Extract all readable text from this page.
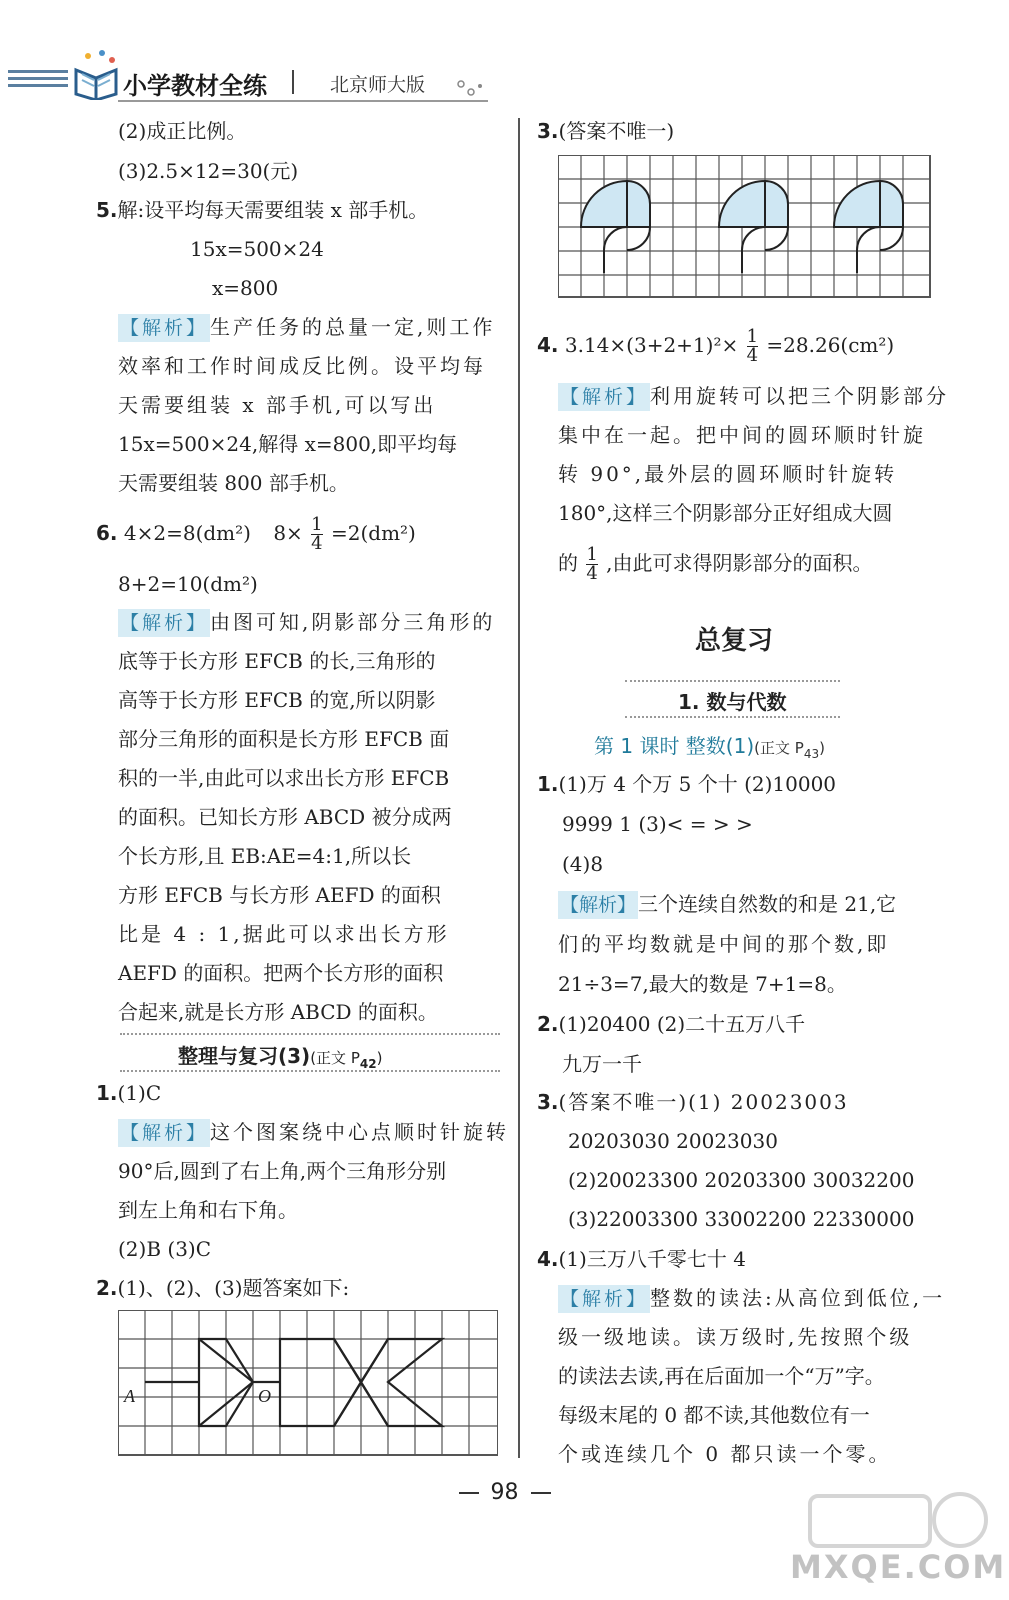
小学教材全练	北京师大版
(2)成正比例。
(3)2.5×12=30(元)
5.解:设平均每天需要组装 x 部手机。
15x=500×24
x=800
【解析】 生产任务的总量一定,则工作
效率和工作时间成反比例。设平均每
天需要组装 x 部手机,可以写出
15x=500×24,解得 x=800,即平均每
天需要组装 800 部手机。
6. 4×2=8(dm²) $8\times \frac{1}{4} =2(dm^2)$
8+2=10(dm²)
【解析】 由图可知,阴影部分三角形的
底等于长方形 EFCB 的长,三角形的
高等于长方形 EFCB 的宽,所以阴影
部分三角形的面积是长方形 EFCB 面
积的一半,由此可以求出长方形 EFCB
的面积。已知长方形 ABCD 被分成两
个长方形,且 EB:AE=4:1,所以长
方形 EFCB 与长方形 AEFD 的面积
比是 4 : 1,据此可以求出长方形
AEFD 的面积。把两个长方形的面积
合起来,就是长方形 ABCD 的面积。
整理与复习(3)(正文 $P_{42}$)
1.(1)C
【解析】 这个图案绕中心点顺时针旋转
90°后,圆到了右上角,两个三角形分别
到左上角和右下角。
(2)B (3)C
2.(1)、(2)、(3)题答案如下:
A	O
3.(答案不唯一)
4. $3.14\times(3+2+1)^2\times \frac{1}{4} =28.26(cm^2)$
【解析】 利用旋转可以把三个阴影部分
集中在一起。把中间的圆环顺时针旋
转 90°,最外层的圆环顺时针旋转
180°,这样三个阴影部分正好组成大圆
的 $\frac{1}{4}$ ,由此可求得阴影部分的面积。
总复习
1. 数与代数
第 1 课时 整数(1)(正文 $P_{43}$)
1.(1)万 4 个万 5 个十 (2)10000
9999 1 (3)< = > >
(4)8
【解析】 三个连续自然数的和是 21,它
们的平均数就是中间的那个数,即
21÷3=7,最大的数是 7+1=8。
2.(1)20400 (2)二十五万八千
九万一千
3.(答案不唯一)(1) 20023003
20203030 20023030
(2)20023300 20203300 30032200
(3)22003300 33002200 22330000
4.(1)三万八千零七十 4
【解析】 整数的读法:从高位到低位,一
级一级地读。读万级时,先按照个级
的读法去读,再在后面加一个“万”字。
每级末尾的 0 都不读,其他数位有一
个或连续几个 0 都只读一个零。
98
MXQE.COM
